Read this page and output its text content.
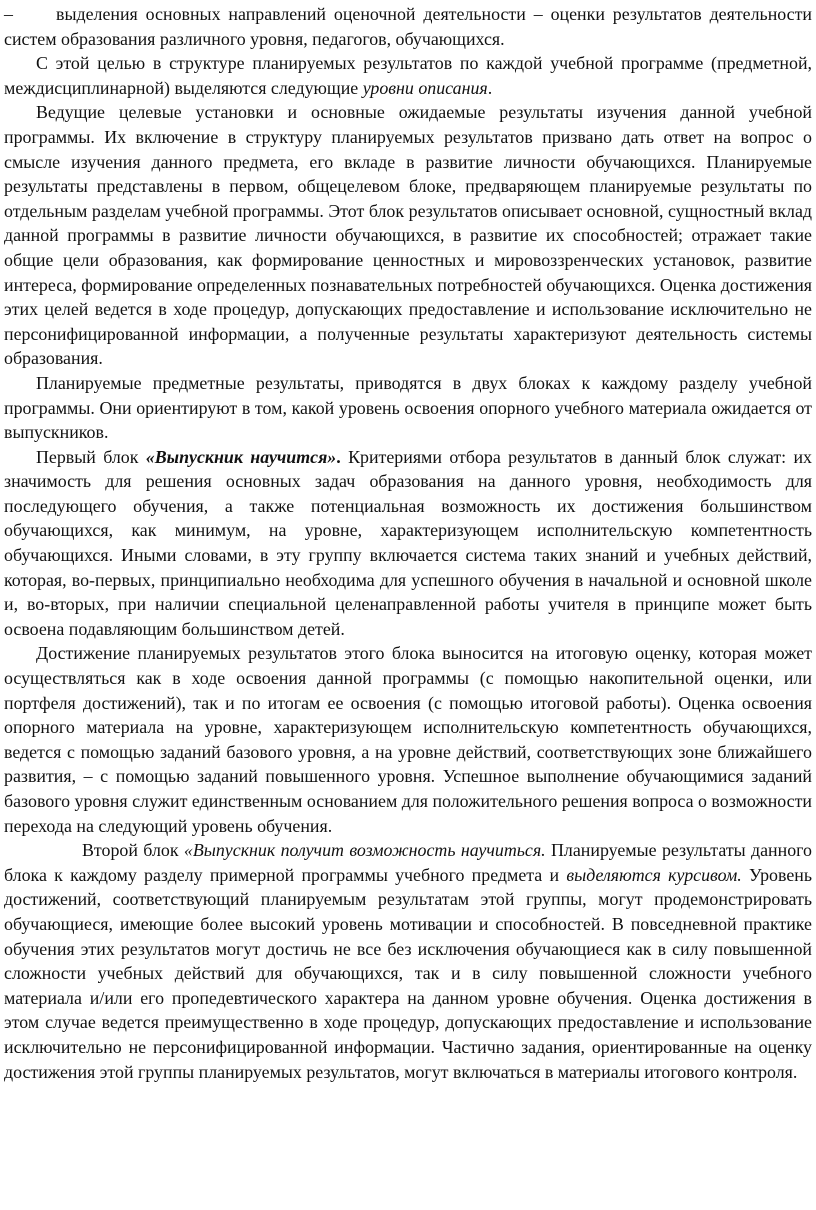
– выделения основных направлений оценочной деятельности – оценки результатов деятельности систем образования различного уровня, педагогов, обучающихся.

С этой целью в структуре планируемых результатов по каждой учебной программе (предметной, междисциплинарной) выделяются следующие уровни описания.

Ведущие целевые установки и основные ожидаемые результаты изучения данной учебной программы. Их включение в структуру планируемых результатов призвано дать ответ на вопрос о смысле изучения данного предмета, его вкладе в развитие личности обучающихся. Планируемые результаты представлены в первом, общецелевом блоке, предваряющем планируемые результаты по отдельным разделам учебной программы. Этот блок результатов описывает основной, сущностный вклад данной программы в развитие личности обучающихся, в развитие их способностей; отражает такие общие цели образования, как формирование ценностных и мировоззренческих установок, развитие интереса, формирование определенных познавательных потребностей обучающихся. Оценка достижения этих целей ведется в ходе процедур, допускающих предоставление и использование исключительно не персонифицированной информации, а полученные результаты характеризуют деятельность системы образования.

Планируемые предметные результаты, приводятся в двух блоках к каждому разделу учебной программы. Они ориентируют в том, какой уровень освоения опорного учебного материала ожидается от выпускников.

Первый блок «Выпускник научится». Критериями отбора результатов в данный блок служат: их значимость для решения основных задач образования на данного уровня, необходимость для последующего обучения, а также потенциальная возможность их достижения большинством обучающихся, как минимум, на уровне, характеризующем исполнительскую компетентность обучающихся. Иными словами, в эту группу включается система таких знаний и учебных действий, которая, во-первых, принципиально необходима для успешного обучения в начальной и основной школе и, во-вторых, при наличии специальной целенаправленной работы учителя в принципе может быть освоена подавляющим большинством детей.

Достижение планируемых результатов этого блока выносится на итоговую оценку, которая может осуществляться как в ходе освоения данной программы (с помощью накопительной оценки, или портфеля достижений), так и по итогам ее освоения (с помощью итоговой работы). Оценка освоения опорного материала на уровне, характеризующем исполнительскую компетентность обучающихся, ведется с помощью заданий базового уровня, а на уровне действий, соответствующих зоне ближайшего развития, – с помощью заданий повышенного уровня. Успешное выполнение обучающимися заданий базового уровня служит единственным основанием для положительного решения вопроса о возможности перехода на следующий уровень обучения.

Второй блок «Выпускник получит возможность научиться. Планируемые результаты данного блока к каждому разделу примерной программы учебного предмета и выделяются курсивом. Уровень достижений, соответствующий планируемым результатам этой группы, могут продемонстрировать обучающиеся, имеющие более высокий уровень мотивации и способностей. В повседневной практике обучения этих результатов могут достичь не все без исключения обучающиеся как в силу повышенной сложности учебных действий для обучающихся, так и в силу повышенной сложности учебного материала и/или его пропедевтического характера на данном уровне обучения. Оценка достижения в этом случае ведется преимущественно в ходе процедур, допускающих предоставление и использование исключительно не персонифицированной информации. Частично задания, ориентированные на оценку достижения этой группы планируемых результатов, могут включаться в материалы итогового контроля.
